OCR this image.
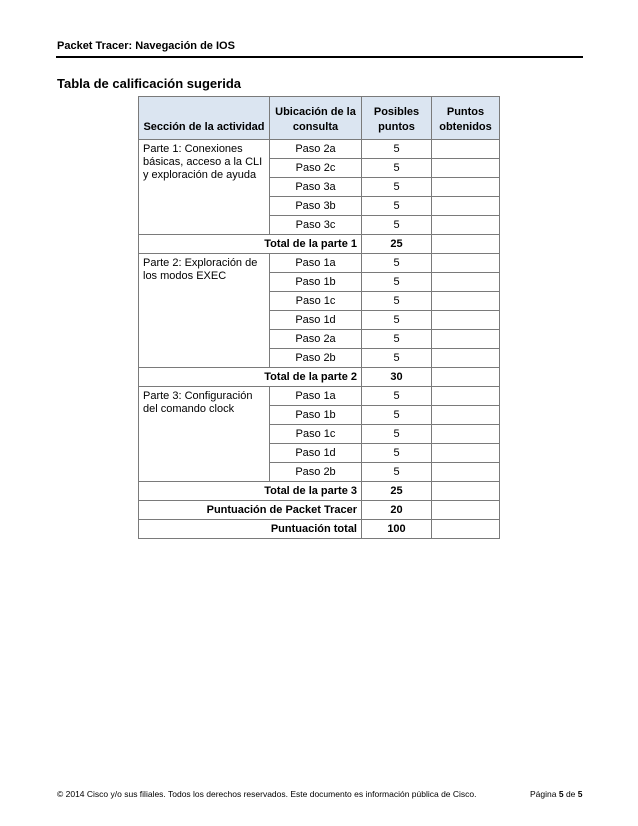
Packet Tracer: Navegación de IOS
Tabla de calificación sugerida
Sección de la actividad	Ubicación de la consulta	Posibles puntos	Puntos obtenidos
Parte 1: Conexiones básicas, acceso a la CLI y exploración de ayuda	Paso 2a	5	
	Paso 2c	5	
	Paso 3a	5	
	Paso 3b	5	
	Paso 3c	5	
Total de la parte 1		25	
Parte 2: Exploración de los modos EXEC	Paso 1a	5	
	Paso 1b	5	
	Paso 1c	5	
	Paso 1d	5	
	Paso 2a	5	
	Paso 2b	5	
Total de la parte 2		30	
Parte 3: Configuración del comando clock	Paso 1a	5	
	Paso 1b	5	
	Paso 1c	5	
	Paso 1d	5	
	Paso 2b	5	
Total de la parte 3		25	
Puntuación de Packet Tracer		20	
Puntuación total		100	
© 2014 Cisco y/o sus filiales. Todos los derechos reservados. Este documento es información pública de Cisco.	Página 5 de 5
